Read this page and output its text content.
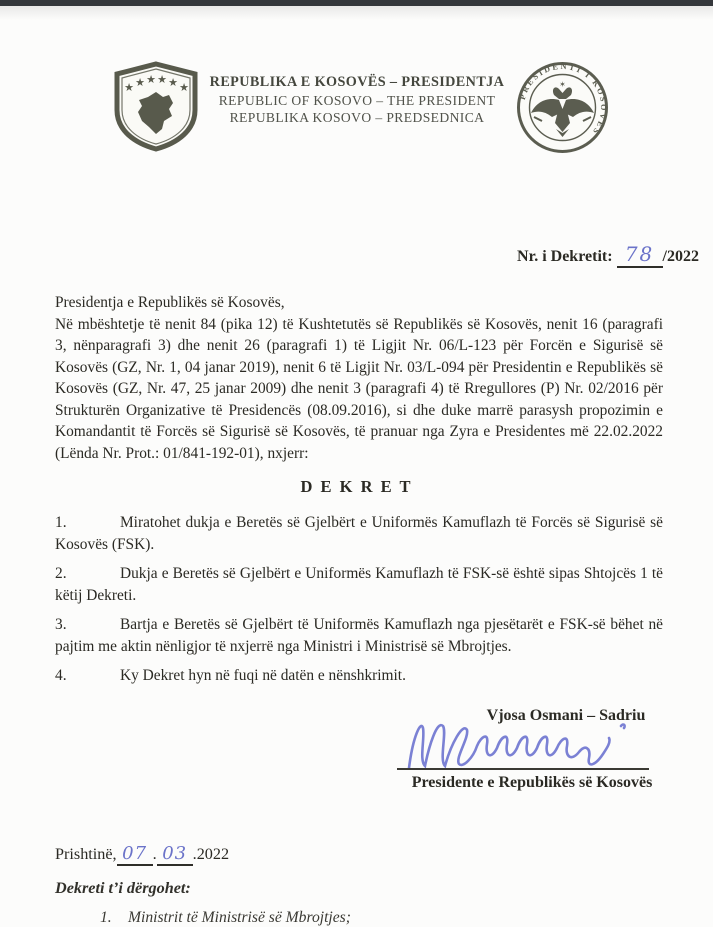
★ ★ ★ ★ ★ ★	REPUBLIKA E KOSOVËS – PRESIDENTJA
REPUBLIC OF KOSOVO – THE PRESIDENT
REPUBLIKA KOSOVO – PREDSEDNICA
PRESIDENTI I KOSOVËS
✶
Nr. i Dekretit: 78 /2022
Presidentja e Republikës së Kosovës,
Në mbështetje të nenit 84 (pika 12) të Kushtetutës së Republikës së Kosovës, nenit 16 (paragrafi 3, nënparagrafi 3) dhe nenit 26 (paragrafi 1) të Ligjit Nr. 06/L-123 për Forcën e Sigurisë së Kosovës (GZ, Nr. 1, 04 janar 2019), nenit 6 të Ligjit Nr. 03/L-094 për Presidentin e Republikës së Kosovës (GZ, Nr. 47, 25 janar 2009) dhe nenit 3 (paragrafi 4) të Rregullores (P) Nr. 02/2016 për Strukturën Organizative të Presidencës (08.09.2016), si dhe duke marrë parasysh propozimin e Komandantit të Forcës së Sigurisë së Kosovës, të pranuar nga Zyra e Presidentes më 22.02.2022 (Lënda Nr. Prot.: 01/841-192-01), nxjerr:
D E K R E T

1.	Miratohet dukja e Beretës së Gjelbërt e Uniformës Kamuflazh të Forcës së Sigurisë së Kosovës (FSK).

2.	Dukja e Beretës së Gjelbërt e Uniformës Kamuflazh të FSK-së është sipas Shtojcës 1 të këtij Dekreti.

3.	Bartja e Beretës së Gjelbërt të Uniformës Kamuflazh nga pjesëtarët e FSK-së bëhet në pajtim me aktin nënligjor të nxjerrë nga Ministri i Ministrisë së Mbrojtjes.

4.	Ky Dekret hyn në fuqi në datën e nënshkrimit.

Vjosa Osmani – Sadriu
Presidente e Republikës së Kosovës
Prishtinë, 07 . 03 .2022
Dekreti t’i dërgohet:
1. Ministrit të Ministrisë së Mbrojtjes;
